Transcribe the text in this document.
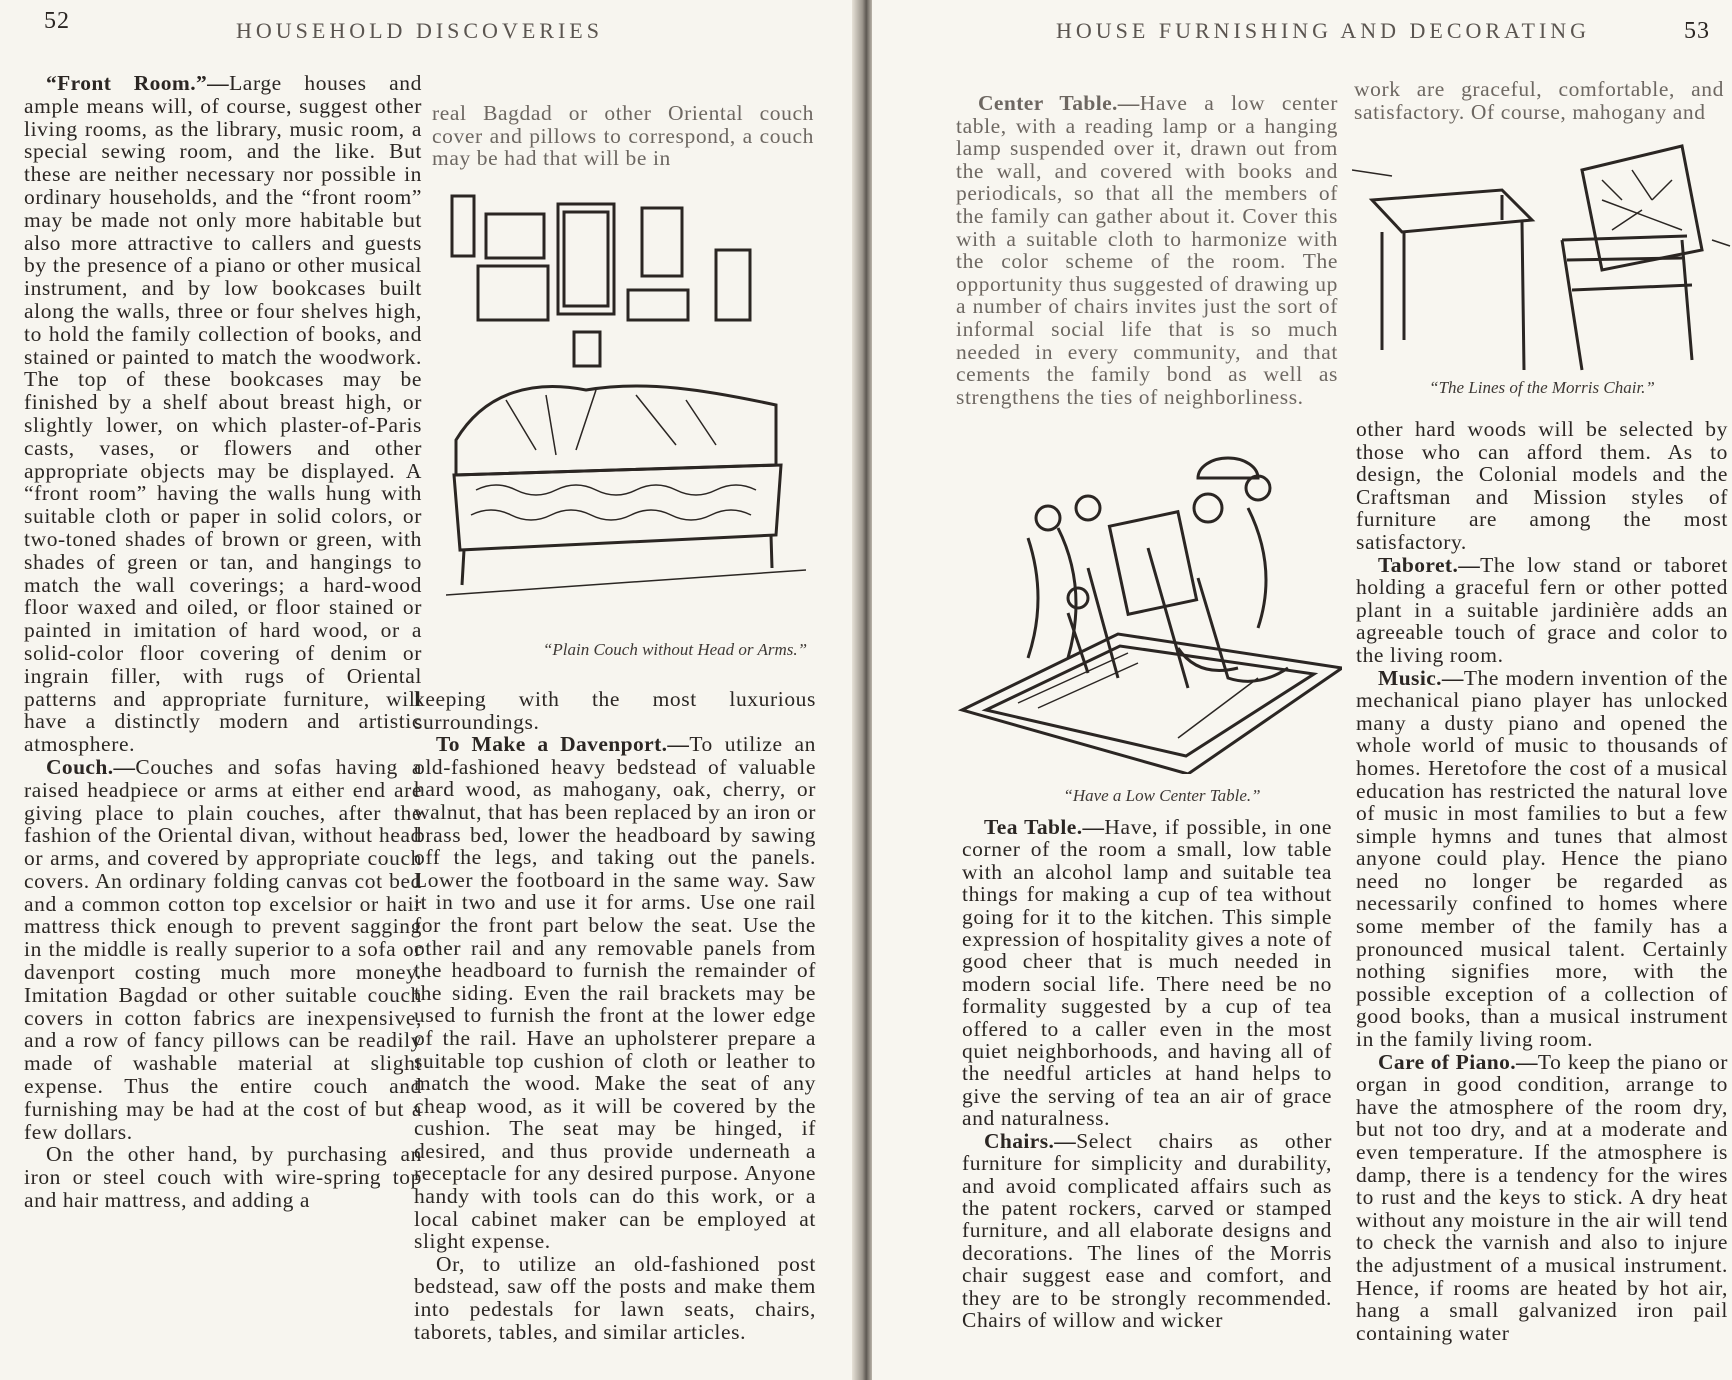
52	HOUSEHOLD DISCOVERIES

“Front Room.”—Large houses and ample means will, of course, suggest other living rooms, as the library, music room, a special sewing room, and the like. But these are neither necessary nor possible in ordinary households, and the “front room” may be made not only more habitable but also more attractive to callers and guests by the presence of a piano or other musical instrument, and by low bookcases built along the walls, three or four shelves high, to hold the family collection of books, and stained or painted to match the woodwork. The top of these bookcases may be finished by a shelf about breast high, or slightly lower, on which plaster-of-Paris casts, vases, or flowers and other appropriate objects may be displayed. A “front room” having the walls hung with suitable cloth or paper in solid colors, or two-toned shades of brown or green, with shades of green or tan, and hangings to match the wall coverings; a hard-wood floor waxed and oiled, or floor stained or painted in imitation of hard wood, or a solid-color floor covering of denim or ingrain filler, with rugs of Oriental patterns and appropriate furniture, will have a distinctly modern and artistic atmosphere.

Couch.—Couches and sofas having a raised headpiece or arms at either end are giving place to plain couches, after the fashion of the Oriental divan, without head or arms, and covered by appropriate couch covers. An ordinary folding canvas cot bed and a common cotton top excelsior or hair mattress thick enough to prevent sagging in the middle is really superior to a sofa or davenport costing much more money. Imitation Bagdad or other suitable couch covers in cotton fabrics are inexpensive, and a row of fancy pillows can be readily made of washable material at slight expense. Thus the entire couch and furnishing may be had at the cost of but a few dollars.

On the other hand, by purchasing an iron or steel couch with wire-spring top and hair mattress, and adding a

real Bagdad or other Oriental couch cover and pillows to correspond, a couch may be had that will be in

“Plain Couch without Head or Arms.”

keeping with the most luxurious surroundings.

To Make a Davenport.—To utilize an old-fashioned heavy bedstead of valuable hard wood, as mahogany, oak, cherry, or walnut, that has been replaced by an iron or brass bed, lower the headboard by sawing off the legs, and taking out the panels. Lower the footboard in the same way. Saw it in two and use it for arms. Use one rail for the front part below the seat. Use the other rail and any removable panels from the headboard to furnish the remainder of the siding. Even the rail brackets may be used to furnish the front at the lower edge of the rail. Have an upholsterer prepare a suitable top cushion of cloth or leather to match the wood. Make the seat of any cheap wood, as it will be covered by the cushion. The seat may be hinged, if desired, and thus provide underneath a receptacle for any desired purpose. Anyone handy with tools can do this work, or a local cabinet maker can be employed at slight expense.

Or, to utilize an old-fashioned post bedstead, saw off the posts and make them into pedestals for lawn seats, chairs, taborets, tables, and similar articles.

HOUSE FURNISHING AND DECORATING	53

Center Table.—Have a low center table, with a reading lamp or a hanging lamp suspended over it, drawn out from the wall, and covered with books and periodicals, so that all the members of the family can gather about it. Cover this with a suitable cloth to harmonize with the color scheme of the room. The opportunity thus suggested of drawing up a number of chairs invites just the sort of informal social life that is so much needed in every community, and that cements the family bond as well as strengthens the ties of neighborliness.

“Have a Low Center Table.”

Tea Table.—Have, if possible, in one corner of the room a small, low table with an alcohol lamp and suitable tea things for making a cup of tea without going for it to the kitchen. This simple expression of hospitality gives a note of good cheer that is much needed in modern social life. There need be no formality suggested by a cup of tea offered to a caller even in the most quiet neighborhoods, and having all of the needful articles at hand helps to give the serving of tea an air of grace and naturalness.

Chairs.—Select chairs as other furniture for simplicity and durability, and avoid complicated affairs such as the patent rockers, carved or stamped furniture, and all elaborate designs and decorations. The lines of the Morris chair suggest ease and comfort, and they are to be strongly recommended. Chairs of willow and wicker

work are graceful, comfortable, and satisfactory. Of course, mahogany and

“The Lines of the Morris Chair.”

other hard woods will be selected by those who can afford them. As to design, the Colonial models and the Craftsman and Mission styles of furniture are among the most satisfactory.

Taboret.—The low stand or taboret holding a graceful fern or other potted plant in a suitable jardinière adds an agreeable touch of grace and color to the living room.

Music.—The modern invention of the mechanical piano player has unlocked many a dusty piano and opened the whole world of music to thousands of homes. Heretofore the cost of a musical education has restricted the natural love of music in most families to but a few simple hymns and tunes that almost anyone could play. Hence the piano need no longer be regarded as necessarily confined to homes where some member of the family has a pronounced musical talent. Certainly nothing signifies more, with the possible exception of a collection of good books, than a musical instrument in the family living room.

Care of Piano.—To keep the piano or organ in good condition, arrange to have the atmosphere of the room dry, but not too dry, and at a moderate and even temperature. If the atmosphere is damp, there is a tendency for the wires to rust and the keys to stick. A dry heat without any moisture in the air will tend to check the varnish and also to injure the adjustment of a musical instrument. Hence, if rooms are heated by hot air, hang a small galvanized iron pail containing water
